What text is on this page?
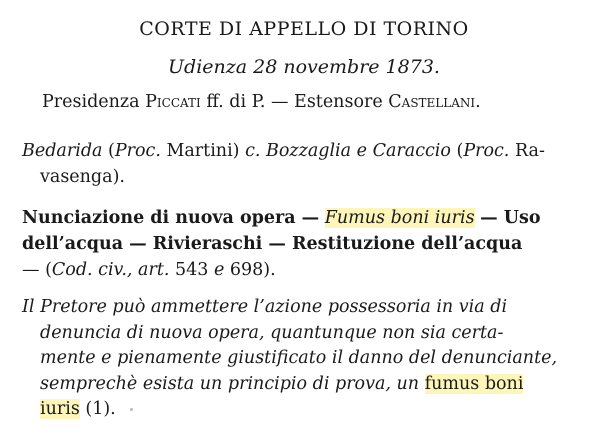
CORTE DI APPELLO DI TORINO
Udienza 28 novembre 1873.
Presidenza Piccati ff. di P. — Estensore Castellani.
Bedarida (Proc. Martini) c. Bozzaglia e Caraccio (Proc. Ra-
vasenga).
Nunciazione di nuova opera — Fumus boni iuris — Uso
dell’acqua — Rivieraschi — Restituzione dell’acqua
— (Cod. civ., art. 543 e 698).
Il Pretore può ammettere l’azione possessoria in via di
denuncia di nuova opera, quantunque non sia certa-
mente e pienamente giustificato il danno del denunciante,
semprechè esista un principio di prova, un fumus boni
iuris (1).
